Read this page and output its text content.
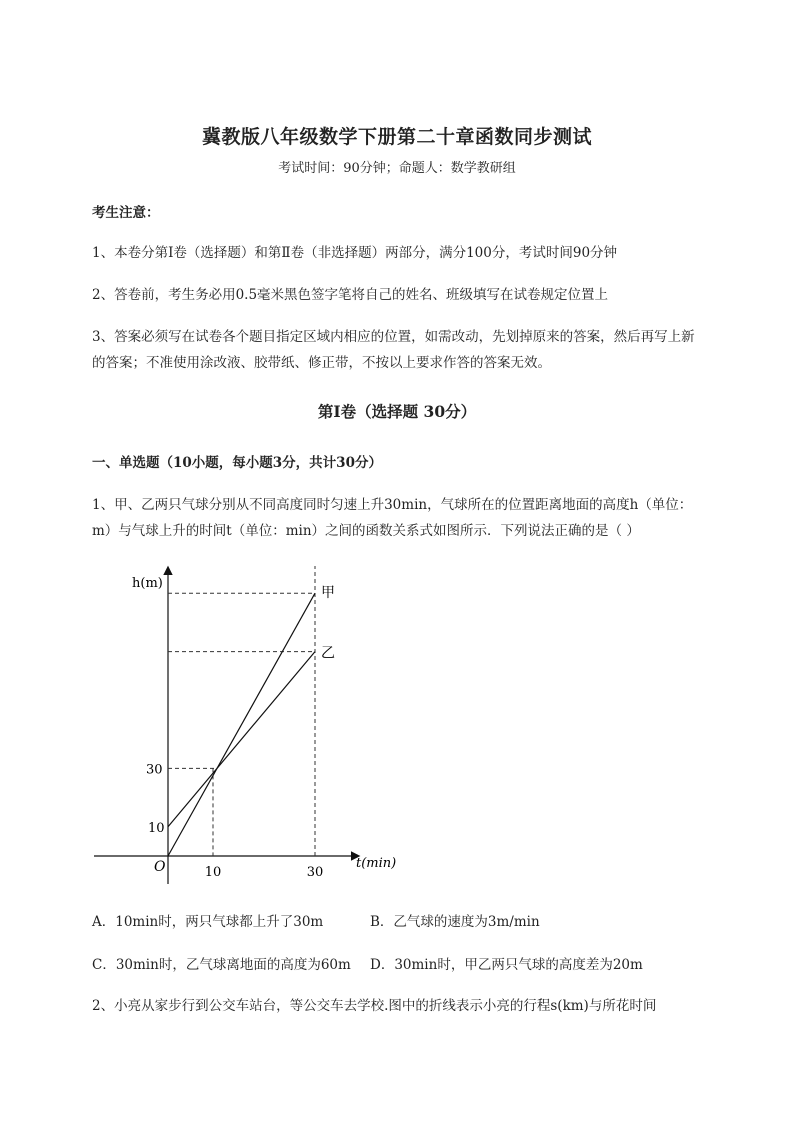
冀教版八年级数学下册第二十章函数同步测试
考试时间：90分钟；命题人：数学教研组
考生注意：
1、本卷分第I卷（选择题）和第Ⅱ卷（非选择题）两部分，满分100分，考试时间90分钟
2、答卷前，考生务必用0.5毫米黑色签字笔将自己的姓名、班级填写在试卷规定位置上
3、答案必须写在试卷各个题目指定区域内相应的位置，如需改动，先划掉原来的答案，然后再写上新
的答案；不准使用涂改液、胶带纸、修正带，不按以上要求作答的答案无效。
第I卷（选择题 30分）
一、单选题（10小题，每小题3分，共计30分）
1、甲、乙两只气球分别从不同高度同时匀速上升30min，气球所在的位置距离地面的高度h（单位：
m）与气球上升的时间t（单位：min）之间的函数关系式如图所示．下列说法正确的是（ ）
h(m)
t(min)
O	10	30
30
10
甲
乙
A．10min时，两只气球都上升了30m	B．乙气球的速度为3m/min
C．30min时，乙气球离地面的高度为60m D．30min时，甲乙两只气球的高度差为20m
2、小亮从家步行到公交车站台，等公交车去学校.图中的折线表示小亮的行程s(km)与所花时间
